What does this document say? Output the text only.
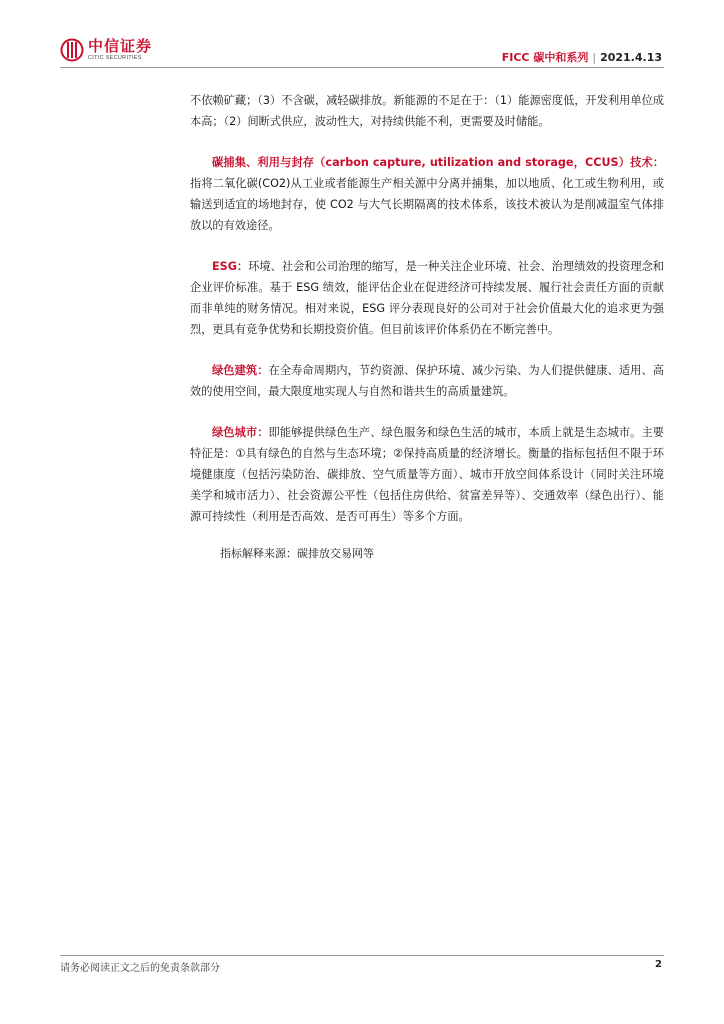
中信证券
CITIC SECURITIES	FICC 碳中和系列 | 2021.4.13

不依赖矿藏；（3）不含碳，减轻碳排放。新能源的不足在于：（1）能源密度低，开发利用单位成本高；（2）间断式供应，波动性大，对持续供能不利，更需要及时储能。

碳捕集、利用与封存（carbon capture, utilization and storage，CCUS）技术：指将二氧化碳(CO2)从工业或者能源生产相关源中分离并捕集，加以地质、化工或生物利用，或输送到适宜的场地封存，使 CO2 与大气长期隔离的技术体系，该技术被认为是削减温室气体排放以的有效途径。

ESG：环境、社会和公司治理的缩写，是一种关注企业环境、社会、治理绩效的投资理念和企业评价标准。基于 ESG 绩效，能评估企业在促进经济可持续发展、履行社会责任方面的贡献而非单纯的财务情况。相对来说，ESG 评分表现良好的公司对于社会价值最大化的追求更为强烈，更具有竞争优势和长期投资价值。但目前该评价体系仍在不断完善中。

绿色建筑：在全寿命周期内，节约资源、保护环境、减少污染、为人们提供健康、适用、高效的使用空间，最大限度地实现人与自然和谐共生的高质量建筑。

绿色城市：即能够提供绿色生产、绿色服务和绿色生活的城市，本质上就是生态城市。主要特征是：①具有绿色的自然与生态环境；②保持高质量的经济增长。衡量的指标包括但不限于环境健康度（包括污染防治、碳排放、空气质量等方面）、城市开放空间体系设计（同时关注环境美学和城市活力）、社会资源公平性（包括住房供给、贫富差异等）、交通效率（绿色出行）、能源可持续性（利用是否高效、是否可再生）等多个方面。

指标解释来源：碳排放交易网等
请务必阅读正文之后的免责条款部分	2
